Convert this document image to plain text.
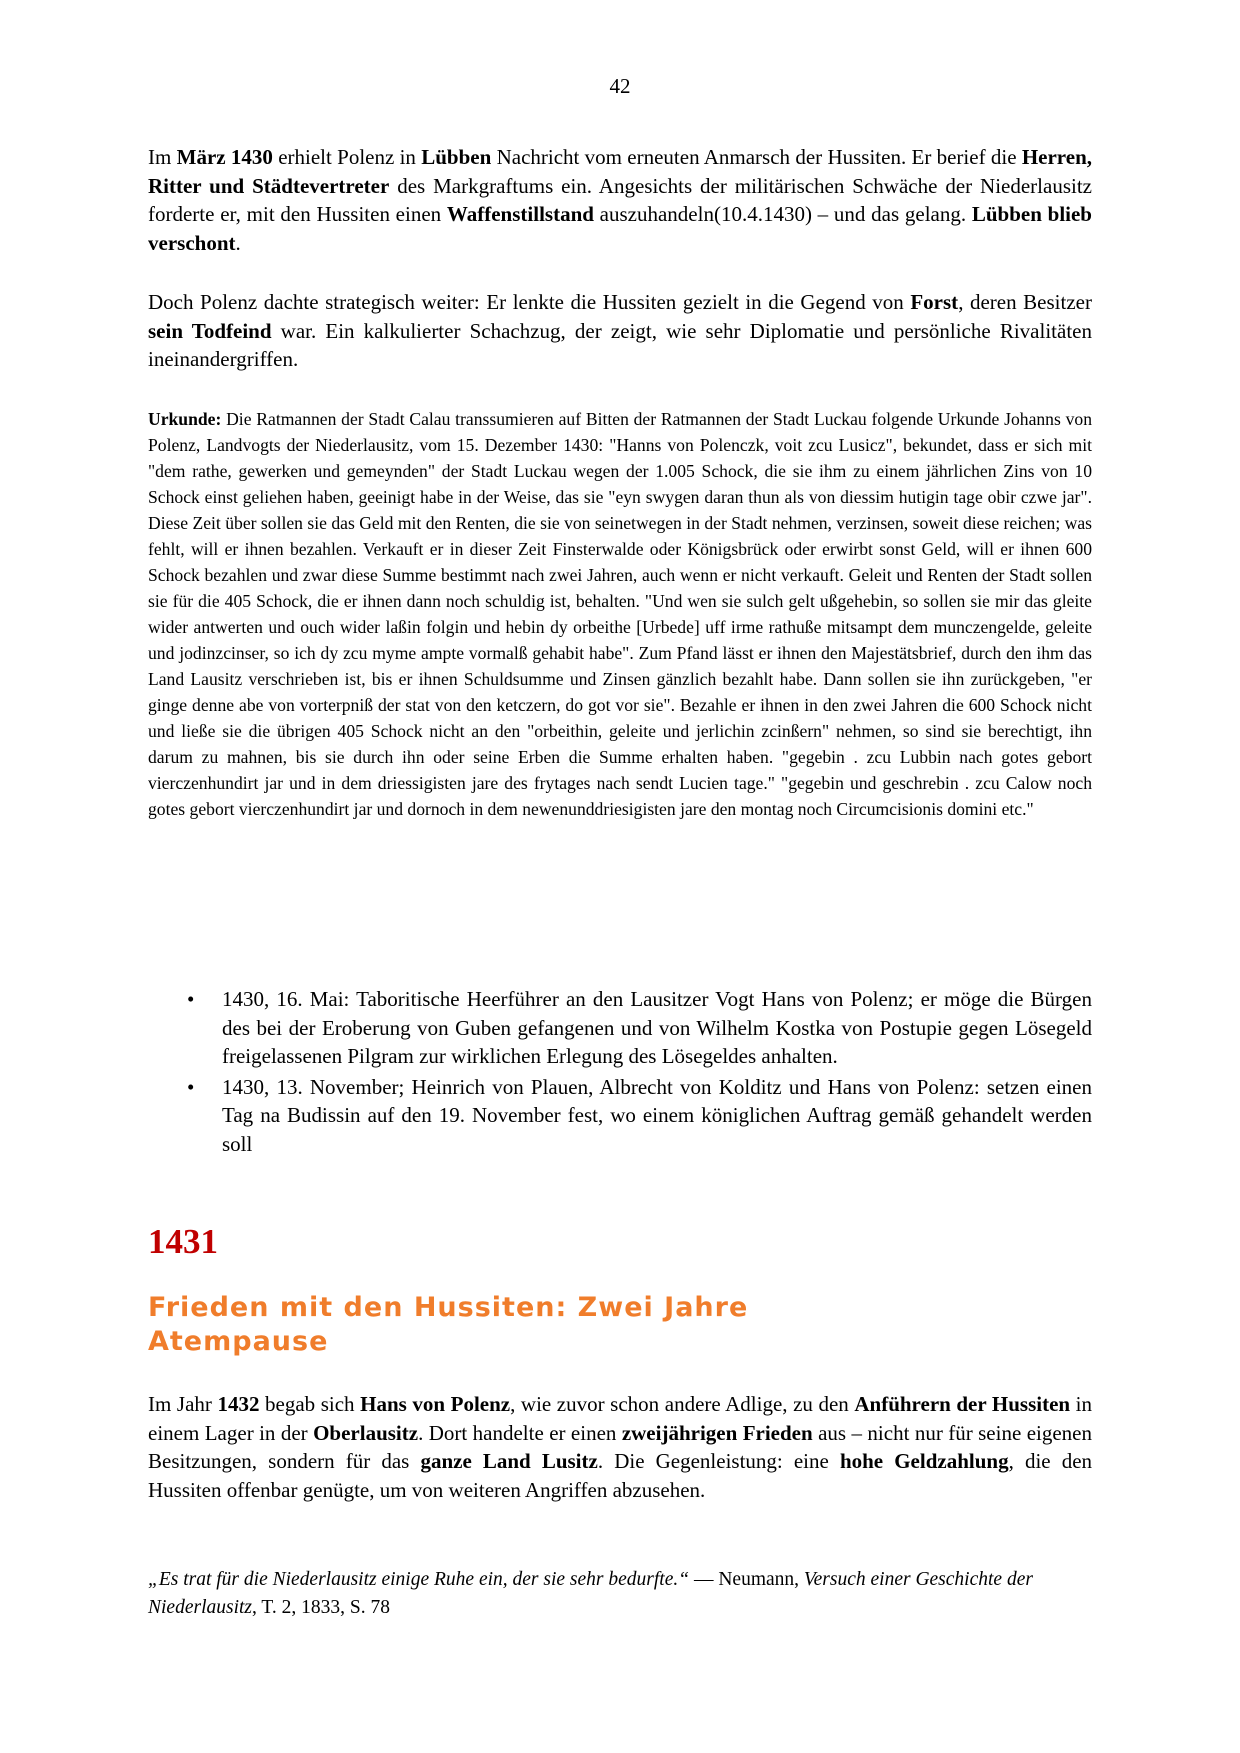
42

Im März 1430 erhielt Polenz in Lübben Nachricht vom erneuten Anmarsch der Hussiten. Er berief die Herren, Ritter und Städtevertreter des Markgraftums ein. Angesichts der militärischen Schwäche der Niederlausitz forderte er, mit den Hussiten einen Waffenstillstand auszuhandeln(10.4.1430) – und das gelang. Lübben blieb verschont.

Doch Polenz dachte strategisch weiter: Er lenkte die Hussiten gezielt in die Gegend von Forst, deren Besitzer sein Todfeind war. Ein kalkulierter Schachzug, der zeigt, wie sehr Diplomatie und persönliche Rivalitäten ineinandergriffen.

Urkunde: Die Ratmannen der Stadt Calau transsumieren auf Bitten der Ratmannen der Stadt Luckau folgende Urkunde Johanns von Polenz, Landvogts der Niederlausitz, vom 15. Dezember 1430: "Hanns von Polenczk, voit zcu Lusicz", bekundet, dass er sich mit "dem rathe, gewerken und gemeynden" der Stadt Luckau wegen der 1.005 Schock, die sie ihm zu einem jährlichen Zins von 10 Schock einst geliehen haben, geeinigt habe in der Weise, das sie "eyn swygen daran thun als von diessim hutigin tage obir czwe jar". Diese Zeit über sollen sie das Geld mit den Renten, die sie von seinetwegen in der Stadt nehmen, verzinsen, soweit diese reichen; was fehlt, will er ihnen bezahlen. Verkauft er in dieser Zeit Finsterwalde oder Königsbrück oder erwirbt sonst Geld, will er ihnen 600 Schock bezahlen und zwar diese Summe bestimmt nach zwei Jahren, auch wenn er nicht verkauft. Geleit und Renten der Stadt sollen sie für die 405 Schock, die er ihnen dann noch schuldig ist, behalten. "Und wen sie sulch gelt ußgehebin, so sollen sie mir das gleite wider antwerten und ouch wider laßin folgin und hebin dy orbeithe [Urbede] uff irme rathuße mitsampt dem munczengelde, geleite und jodinzcinser, so ich dy zcu myme ampte vormalß gehabit habe". Zum Pfand lässt er ihnen den Majestätsbrief, durch den ihm das Land Lausitz verschrieben ist, bis er ihnen Schuldsumme und Zinsen gänzlich bezahlt habe. Dann sollen sie ihn zurückgeben, "er ginge denne abe von vorterpniß der stat von den ketczern, do got vor sie". Bezahle er ihnen in den zwei Jahren die 600 Schock nicht und ließe sie die übrigen 405 Schock nicht an den "orbeithin, geleite und jerlichin zcinßern" nehmen, so sind sie berechtigt, ihn darum zu mahnen, bis sie durch ihn oder seine Erben die Summe erhalten haben. "gegebin . zcu Lubbin nach gotes gebort vierczenhundirt jar und in dem driessigisten jare des frytages nach sendt Lucien tage." "gegebin und geschrebin . zcu Calow noch gotes gebort vierczenhundirt jar und dornoch in dem newenunddriesigisten jare den montag noch Circumcisionis domini etc."

• 1430, 16. Mai: Taboritische Heerführer an den Lausitzer Vogt Hans von Polenz; er möge die Bürgen des bei der Eroberung von Guben gefangenen und von Wilhelm Kostka von Postupie gegen Lösegeld freigelassenen Pilgram zur wirklichen Erlegung des Lösegeldes anhalten.
• 1430, 13. November; Heinrich von Plauen, Albrecht von Kolditz und Hans von Polenz: setzen einen Tag na Budissin auf den 19. November fest, wo einem königlichen Auftrag gemäß gehandelt werden soll
1431
Frieden mit den Hussiten: Zwei Jahre Atempause

Im Jahr 1432 begab sich Hans von Polenz, wie zuvor schon andere Adlige, zu den Anführern der Hussiten in einem Lager in der Oberlausitz. Dort handelte er einen zweijährigen Frieden aus – nicht nur für seine eigenen Besitzungen, sondern für das ganze Land Lusitz. Die Gegenleistung: eine hohe Geldzahlung, die den Hussiten offenbar genügte, um von weiteren Angriffen abzusehen.

„Es trat für die Niederlausitz einige Ruhe ein, der sie sehr bedurfte.“ — Neumann, Versuch einer Geschichte der Niederlausitz, T. 2, 1833, S. 78
